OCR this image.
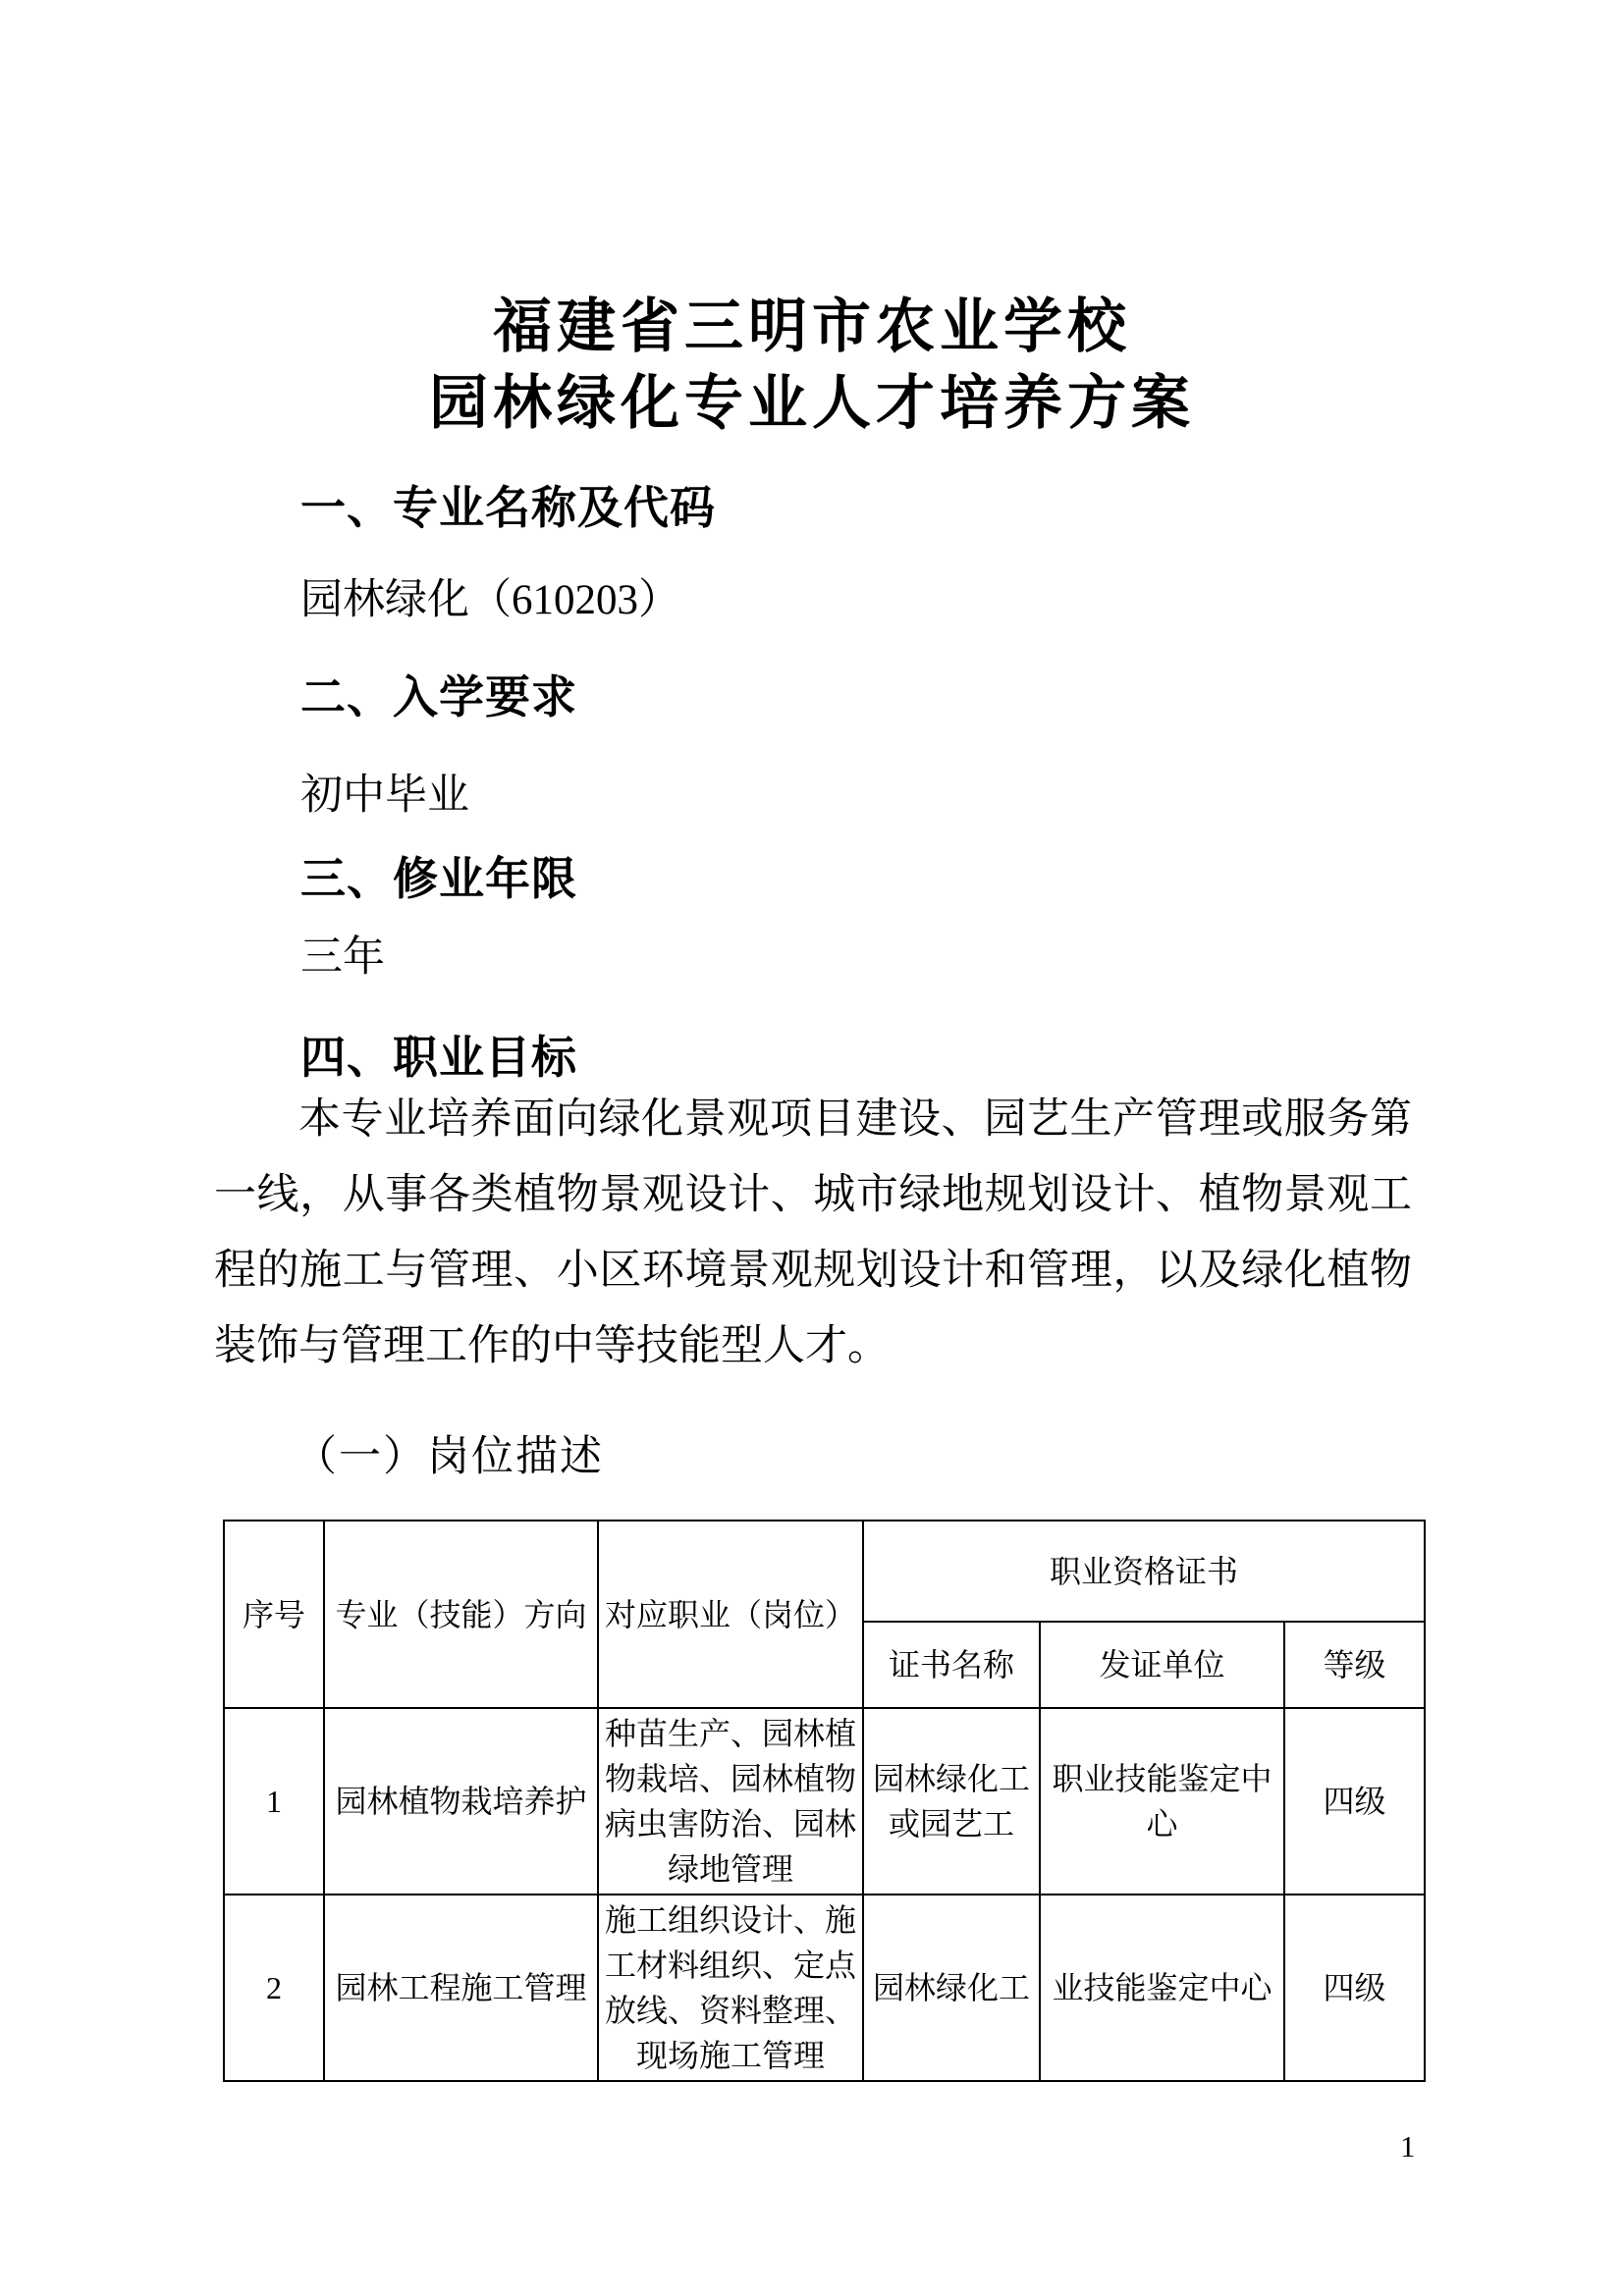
福建省三明市农业学校
园林绿化专业人才培养方案
一、专业名称及代码

园林绿化（610203）

二、入学要求

初中毕业

三、修业年限

三年

四、职业目标

本专业培养面向绿化景观项目建设、园艺生产管理或服务第一线，从事各类植物景观设计、城市绿地规划设计、植物景观工程的施工与管理、小区环境景观规划设计和管理，以及绿化植物装饰与管理工作的中等技能型人才。

（一）岗位描述

序号	专业（技能）方向	对应职业（岗位）	职业资格证书		
			证书名称	发证单位	等级
1	园林植物栽培养护	种苗生产、园林植物栽培、园林植物病虫害防治、园林绿地管理	园林绿化工或园艺工	职业技能鉴定中心	四级
2	园林工程施工管理	施工组织设计、施工材料组织、定点放线、资料整理、现场施工管理	园林绿化工	业技能鉴定中心	四级
1
